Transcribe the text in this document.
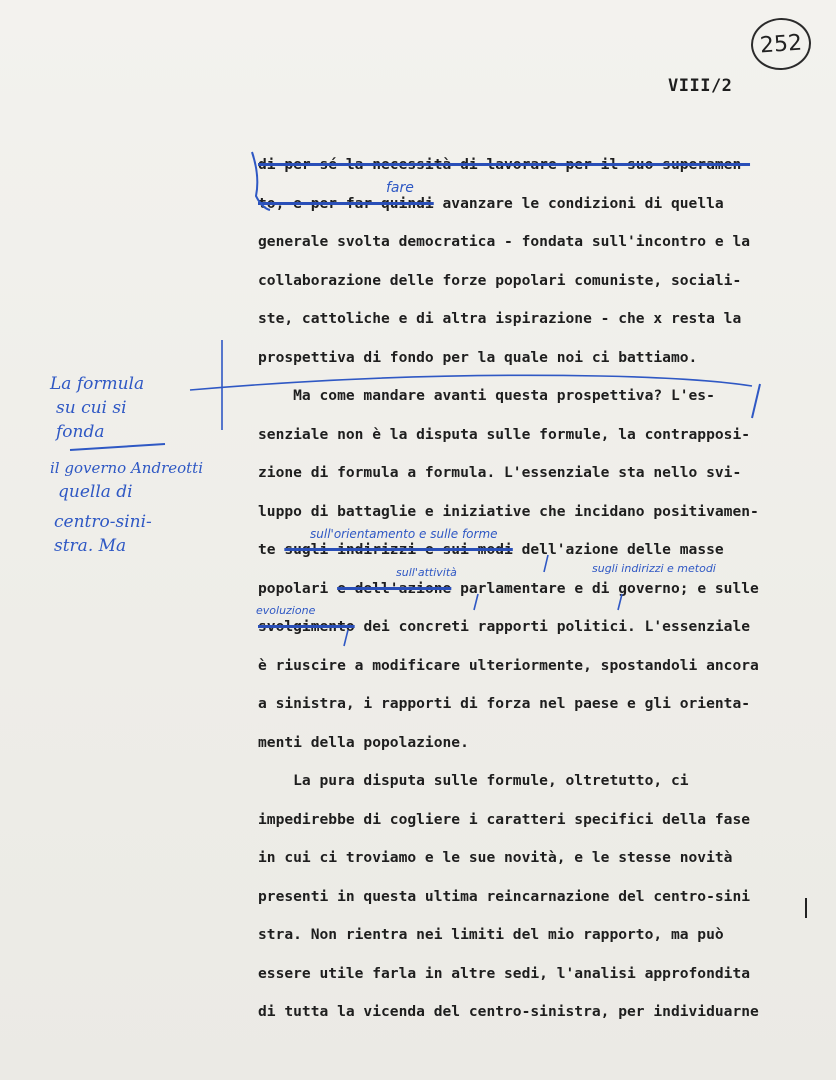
252
VIII/2
La formula
su cui si
fonda
il governo Andreotti
quella di
centro-sini-
stra. Ma
di per sé la necessità di lavorare per il suo superamen-
fare
to, e per far quindi avanzare le condizioni di quella
generale svolta democratica - fondata sull'incontro e la
collaborazione delle forze popolari comuniste, sociali-
ste, cattoliche e di altra ispirazione - che x resta la
prospettiva di fondo per la quale noi ci battiamo.
Ma come mandare avanti questa prospettiva? L'es-
senziale non è la disputa sulle formule, la contrapposi-
zione di formula a formula. L'essenziale sta nello svi-
luppo di battaglie e iniziative che incidano positivamen-
sull'orientamento e sulle forme
te sugli indirizzi e sui modi dell'azione delle masse
sull'attività	sugli indirizzi e metodi
popolari e dell'azione parlamentare e di governo; e sulle
evoluzione
svolgimento dei concreti rapporti politici. L'essenziale
è riuscire a modificare ulteriormente, spostandoli ancora
a sinistra, i rapporti di forza nel paese e gli orienta-
menti della popolazione.
La pura disputa sulle formule, oltretutto, ci
impedirebbe di cogliere i caratteri specifici della fase
in cui ci troviamo e le sue novità, e le stesse novità
presenti in questa ultima reincarnazione del centro-sini
stra. Non rientra nei limiti del mio rapporto, ma può
essere utile farla in altre sedi, l'analisi approfondita
di tutta la vicenda del centro-sinistra, per individuarne
